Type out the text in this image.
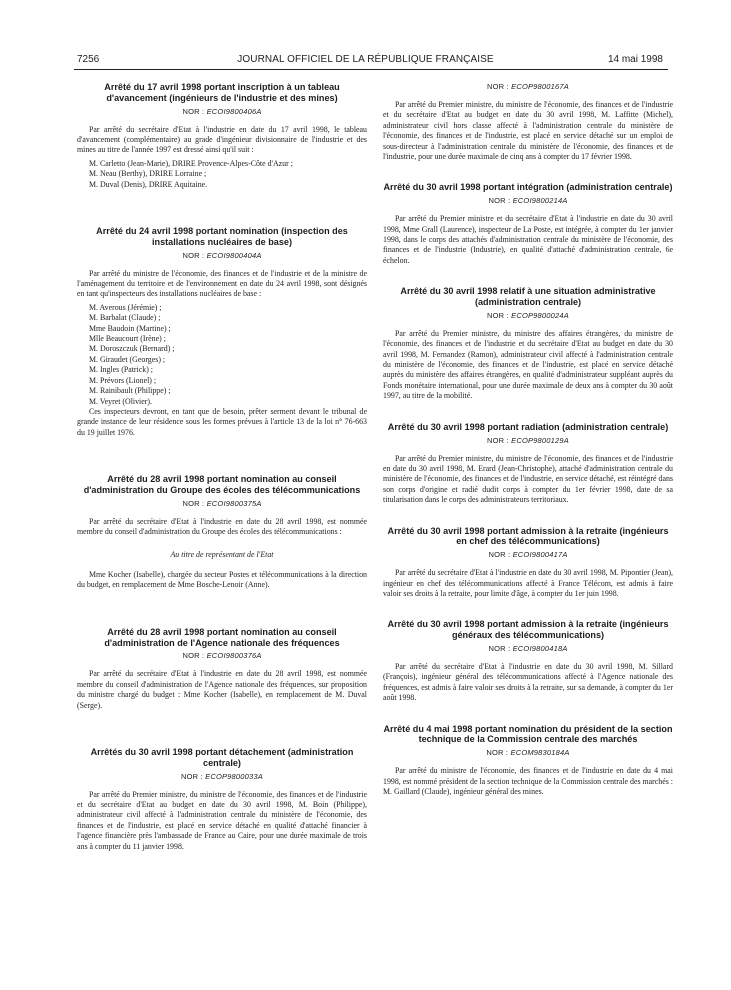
7256	JOURNAL OFFICIEL DE LA RÉPUBLIQUE FRANÇAISE	14 mai 1998
Arrêté du 17 avril 1998 portant inscription à un tableau d'avancement (ingénieurs de l'industrie et des mines)
NOR : ECOI9800406A

Par arrêté du secrétaire d'Etat à l'industrie en date du 17 avril 1998, le tableau d'avancement (complémentaire) au grade d'ingénieur divisionnaire de l'industrie et des mines au titre de l'année 1997 est dressé ainsi qu'il suit :

M. Carletto (Jean-Marie), DRIRE Provence-Alpes-Côte d'Azur ;
M. Neau (Berthy), DRIRE Lorraine ;
M. Duval (Denis), DRIRE Aquitaine.
Arrêté du 24 avril 1998 portant nomination (inspection des installations nucléaires de base)
NOR : ECOI9800404A

Par arrêté du ministre de l'économie, des finances et de l'industrie et de la ministre de l'aménagement du territoire et de l'environnement en date du 24 avril 1998, sont désignés en tant qu'inspecteurs des installations nucléaires de base :

M. Averous (Jérémie) ;
M. Barbalat (Claude) ;
Mme Baudoin (Martine) ;
Mlle Beaucourt (Irène) ;
M. Doroszczuk (Bernard) ;
M. Giraudet (Georges) ;
M. Ingles (Patrick) ;
M. Prévors (Lionel) ;
M. Rainibault (Philippe) ;
M. Veyret (Olivier).

Ces inspecteurs devront, en tant que de besoin, prêter serment devant le tribunal de grande instance de leur résidence sous les formes prévues à l'article 13 de la loi n° 76-663 du 19 juillet 1976.

Arrêté du 28 avril 1998 portant nomination au conseil d'administration du Groupe des écoles des télécommunications
NOR : ECOI9800375A

Par arrêté du secrétaire d'Etat à l'industrie en date du 28 avril 1998, est nommée membre du conseil d'administration du Groupe des écoles des télécommunications :

Au titre de représentant de l'Etat

Mme Kocher (Isabelle), chargée du secteur Postes et télécommunications à la direction du budget, en remplacement de Mme Bosche-Lenoir (Anne).

Arrêté du 28 avril 1998 portant nomination au conseil d'administration de l'Agence nationale des fréquences
NOR : ECOI9800376A

Par arrêté du secrétaire d'Etat à l'industrie en date du 28 avril 1998, est nommée membre du conseil d'administration de l'Agence nationale des fréquences, sur proposition du ministre chargé du budget : Mme Kocher (Isabelle), en remplacement de M. Duval (Serge).

Arrêtés du 30 avril 1998 portant détachement (administration centrale)
NOR : ECOP9800033A

Par arrêté du Premier ministre, du ministre de l'économie, des finances et de l'industrie et du secrétaire d'Etat au budget en date du 30 avril 1998, M. Boin (Philippe), administrateur civil affecté à l'administration centrale du ministère de l'économie, des finances et de l'industrie, est placé en service détaché en qualité d'attaché financier à l'agence financière près l'ambassade de France au Caire, pour une durée maximale de trois ans à compter du 11 janvier 1998.

NOR : ECOP9800167A

Par arrêté du Premier ministre, du ministre de l'économie, des finances et de l'industrie et du secrétaire d'Etat au budget en date du 30 avril 1998, M. Laffitte (Michel), administrateur civil hors classe affecté à l'administration centrale du ministère de l'économie, des finances et de l'industrie, est placé en service détaché sur un emploi de sous-directeur à l'administration centrale du ministère de l'économie, des finances et de l'industrie, pour une durée maximale de cinq ans à compter du 17 février 1998.

Arrêté du 30 avril 1998 portant intégration (administration centrale)
NOR : ECOI9800214A

Par arrêté du Premier ministre et du secrétaire d'Etat à l'industrie en date du 30 avril 1998, Mme Grall (Laurence), inspecteur de La Poste, est intégrée, à compter du 1er janvier 1998, dans le corps des attachés d'administration centrale du ministère de l'économie, des finances et de l'industrie (Industrie), en qualité d'attaché d'administration centrale, 6e échelon.

Arrêté du 30 avril 1998 relatif à une situation administrative (administration centrale)
NOR : ECOP9800024A

Par arrêté du Premier ministre, du ministre des affaires étrangères, du ministre de l'économie, des finances et de l'industrie et du secrétaire d'Etat au budget en date du 30 avril 1998, M. Fernandez (Ramon), administrateur civil affecté à l'administration centrale du ministère de l'économie, des finances et de l'industrie, est placé en service détaché auprès du ministère des affaires étrangères, en qualité d'administrateur suppléant auprès du Fonds monétaire international, pour une durée maximale de deux ans à compter du 30 août 1997, au titre de la mobilité.

Arrêté du 30 avril 1998 portant radiation (administration centrale)
NOR : ECOP9800129A

Par arrêté du Premier ministre, du ministre de l'économie, des finances et de l'industrie en date du 30 avril 1998, M. Erard (Jean-Christophe), attaché d'administration centrale du ministère de l'économie, des finances et de l'industrie, en service détaché, est réintégré dans son corps d'origine et radié dudit corps à compter du 1er février 1998, date de sa titularisation dans le corps des administrateurs territoriaux.

Arrêté du 30 avril 1998 portant admission à la retraite (ingénieurs en chef des télécommunications)
NOR : ECOI9800417A

Par arrêté du secrétaire d'Etat à l'industrie en date du 30 avril 1998, M. Pipontier (Jean), ingénieur en chef des télécommunications affecté à France Télécom, est admis à faire valoir ses droits à la retraite, pour limite d'âge, à compter du 1er juin 1998.

Arrêté du 30 avril 1998 portant admission à la retraite (ingénieurs généraux des télécommunications)
NOR : ECOI9800418A

Par arrêté du secrétaire d'Etat à l'industrie en date du 30 avril 1998, M. Sillard (François), ingénieur général des télécommunications affecté à l'Agence nationale des fréquences, est admis à faire valoir ses droits à la retraite, sur sa demande, à compter du 1er août 1998.

Arrêté du 4 mai 1998 portant nomination du président de la section technique de la Commission centrale des marchés
NOR : ECOM9830184A

Par arrêté du ministre de l'économie, des finances et de l'industrie en date du 4 mai 1998, est nommé président de la section technique de la Commission centrale des marchés : M. Gaillard (Claude), ingénieur général des mines.
